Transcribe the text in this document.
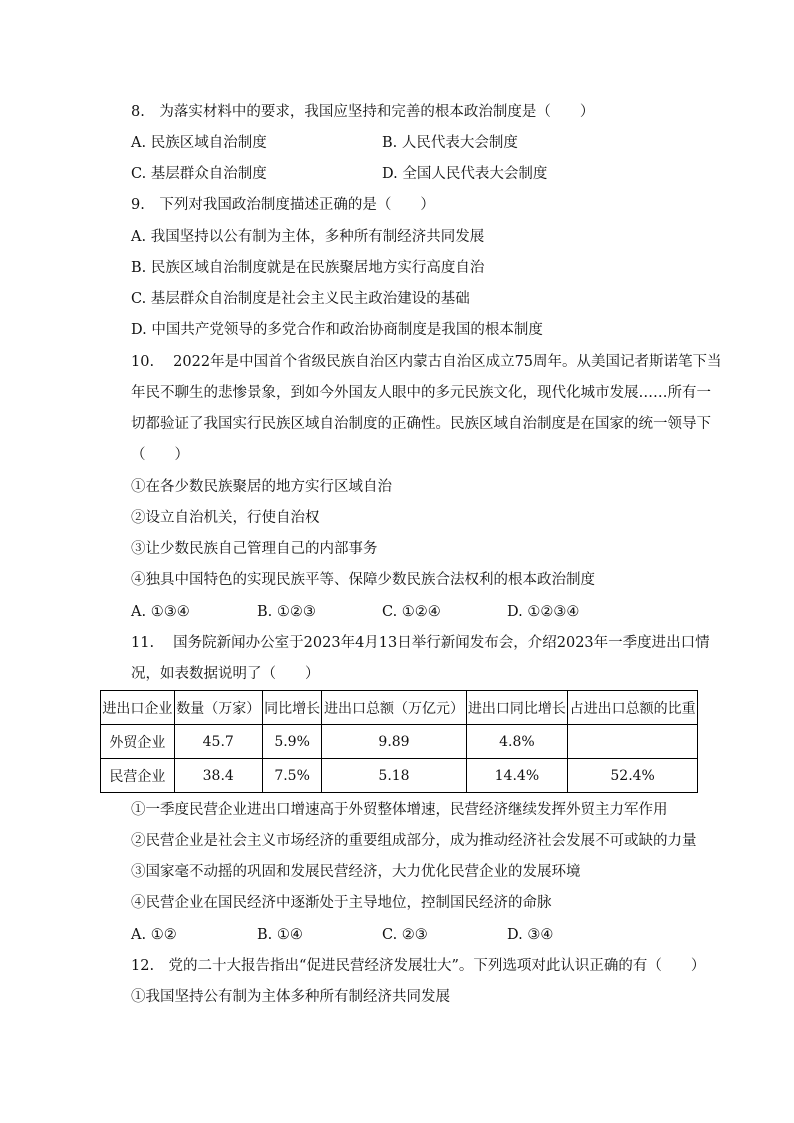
8.　为落实材料中的要求，我国应坚持和完善的根本政治制度是（　　）
A. 民族区域自治制度	B. 人民代表大会制度
C. 基层群众自治制度	D. 全国人民代表大会制度
9.　下列对我国政治制度描述正确的是（　　）
A. 我国坚持以公有制为主体，多种所有制经济共同发展
B. 民族区域自治制度就是在民族聚居地方实行高度自治
C. 基层群众自治制度是社会主义民主政治建设的基础
D. 中国共产党领导的多党合作和政治协商制度是我国的根本制度
10.　 2022年是中国首个省级民族自治区内蒙古自治区成立75周年。从美国记者斯诺笔下当
年民不聊生的悲惨景象，到如今外国友人眼中的多元民族文化，现代化城市发展……所有一
切都验证了我国实行民族区域自治制度的正确性。民族区域自治制度是在国家的统一领导下
（　　）
①在各少数民族聚居的地方实行区域自治
②设立自治机关，行使自治权
③让少数民族自己管理自己的内部事务
④独具中国特色的实现民族平等、保障少数民族合法权利的根本政治制度
A. ①③④	B. ①②③	C. ①②④	D. ①②③④
11.　 国务院新闻办公室于2023年4月13日举行新闻发布会，介绍2023年一季度进出口情
况，如表数据说明了（　　）
进出口企业	数量（万家）	同比增长	进出口总额（万亿元）	进出口同比增长	占进出口总额的比重
外贸企业	45.7	5.9%	9.89	4.8%	
民营企业	38.4	7.5%	5.18	14.4%	52.4%
①一季度民营企业进出口增速高于外贸整体增速，民营经济继续发挥外贸主力军作用
②民营企业是社会主义市场经济的重要组成部分，成为推动经济社会发展不可或缺的力量
③国家毫不动摇的巩固和发展民营经济，大力优化民营企业的发展环境
④民营企业在国民经济中逐渐处于主导地位，控制国民经济的命脉
A. ①②	B. ①④	C. ②③	D. ③④
12.　党的二十大报告指出“促进民营经济发展壮大”。下列选项对此认识正确的有（　　）
①我国坚持公有制为主体多种所有制经济共同发展
